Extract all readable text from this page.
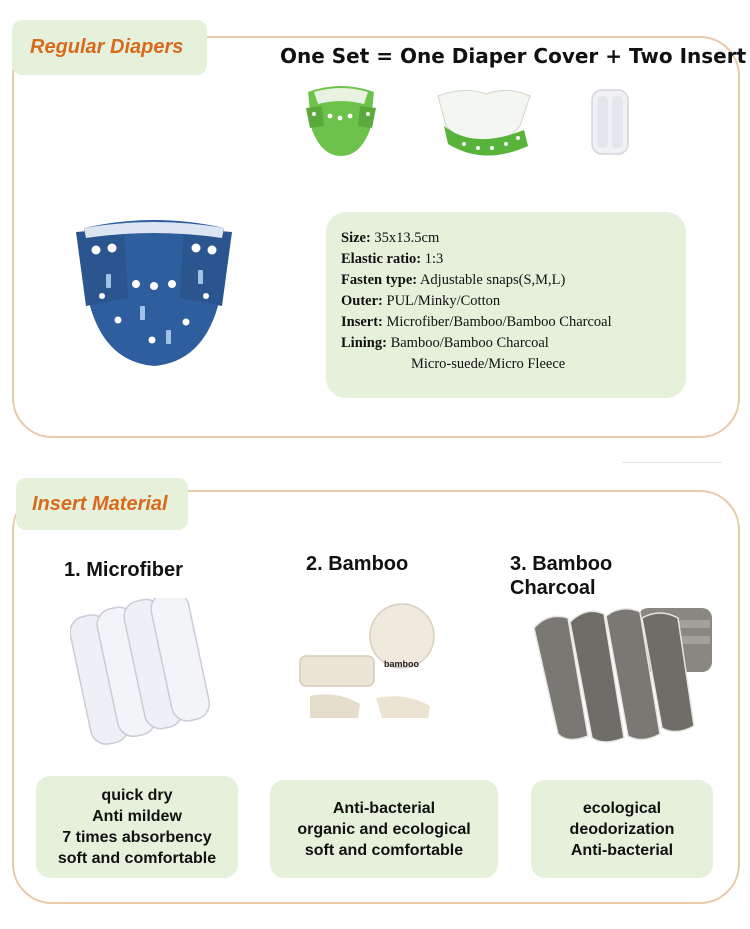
Regular Diapers	One Set = One Diaper Cover + Two Insert
Size: 35x13.5cm
Elastic ratio: 1:3
Fasten type: Adjustable snaps(S,M,L)
Outer: PUL/Minky/Cotton
Insert: Microfiber/Bamboo/Bamboo Charcoal
Lining: Bamboo/Bamboo Charcoal
Micro-suede/Micro Fleece
Insert Material
1. Microfiber	2. Bamboo	3. Bamboo Charcoal
bamboo
quick dry
Anti mildew
7 times absorbency
soft and comfortable
Anti-bacterial
organic and ecological
soft and comfortable
ecological
deodorization
Anti-bacterial
